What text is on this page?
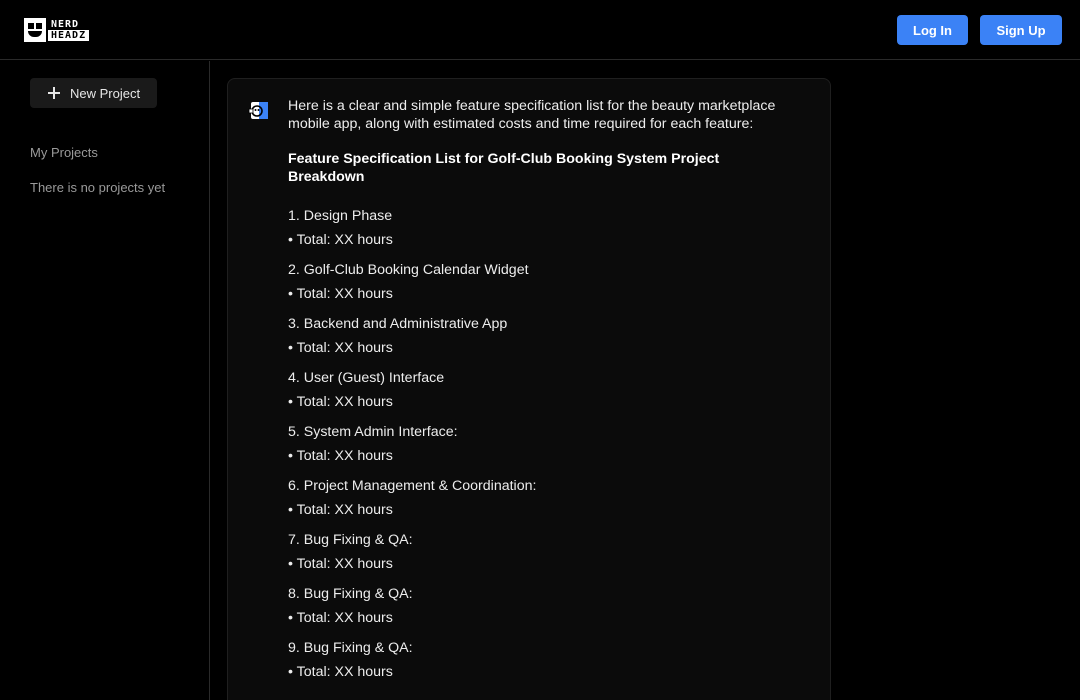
NERD
HEADZ	Log In	Sign Up
New Project
My Projects
There is no projects yet

Here is a clear and simple feature specification list for the beauty marketplace mobile app, along with estimated costs and time required for each feature:

Feature Specification List for Golf-Club Booking System Project Breakdown

1. Design Phase
• Total: XX hours
2. Golf-Club Booking Calendar Widget
• Total: XX hours
3. Backend and Administrative App
• Total: XX hours
4. User (Guest) Interface
• Total: XX hours
5. System Admin Interface:
• Total: XX hours
6. Project Management & Coordination:
• Total: XX hours
7. Bug Fixing & QA:
• Total: XX hours
8. Bug Fixing & QA:
• Total: XX hours
9. Bug Fixing & QA:
• Total: XX hours
